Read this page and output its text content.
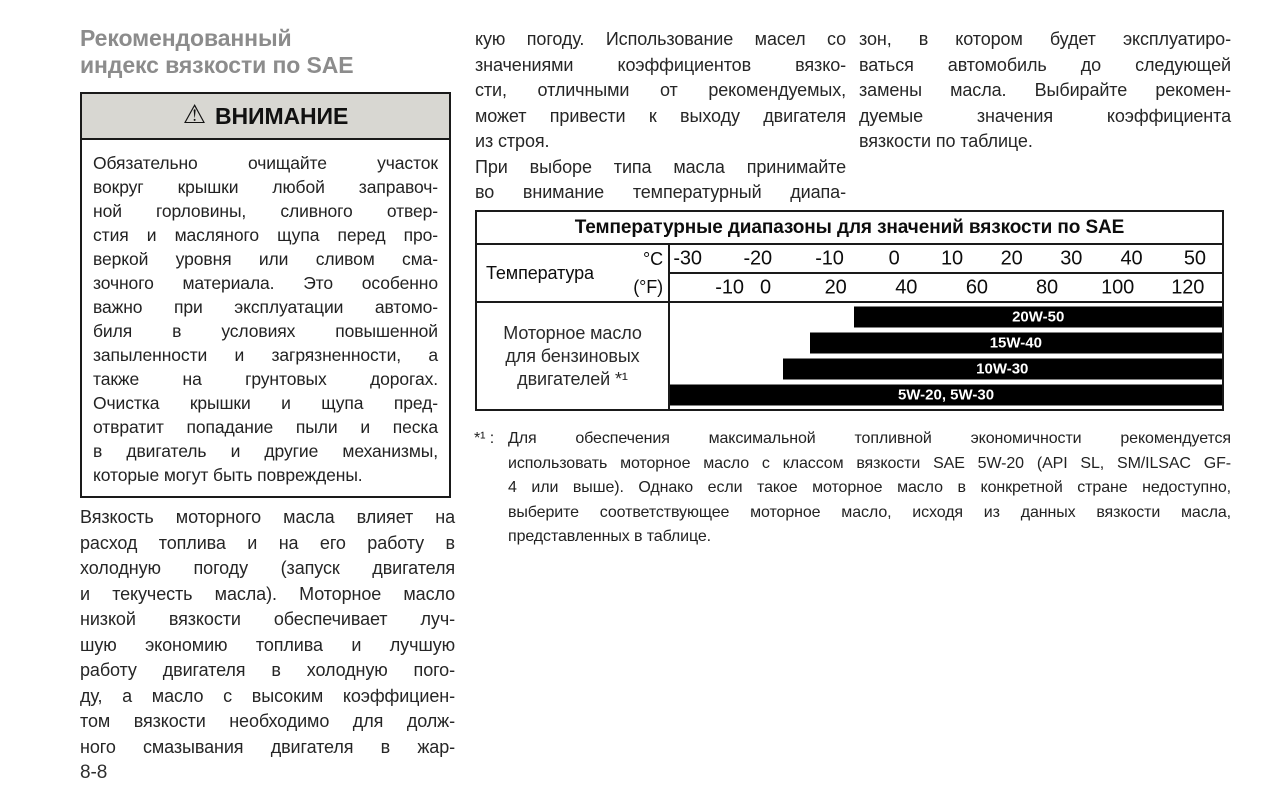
Рекомендованный
индекс вязкости по SAE
⚠ ВНИМАНИЕ
Обязательно очищайте участок
вокруг крышки любой заправоч-
ной горловины, сливного отвер-
стия и масляного щупа перед про-
веркой уровня или сливом сма-
зочного материала. Это особенно
важно при эксплуатации автомо-
биля в условиях повышенной
запыленности и загрязненности, а
также на грунтовых дорогах.
Очистка крышки и щупа пред-
отвратит попадание пыли и песка
в двигатель и другие механизмы,
которые могут быть повреждены.
Вязкость моторного масла влияет на
расход топлива и на его работу в
холодную погоду (запуск двигателя
и текучесть масла). Моторное масло
низкой вязкости обеспечивает луч-
шую экономию топлива и лучшую
работу двигателя в холодную пого-
ду, а масло с высоким коэффициен-
том вязкости необходимо для долж-
ного смазывания двигателя в жар-
кую погоду. Использование масел со
значениями коэффициентов вязко-
сти, отличными от рекомендуемых,
может привести к выходу двигателя
из строя.
При выборе типа масла принимайте
во внимание температурный диапа-
зон, в котором будет эксплуатиро-
ваться автомобиль до следующей
замены масла. Выбирайте рекомен-
дуемые значения коэффициента
вязкости по таблице.
Температурные диапазоны для значений вязкости по SAE
Температура
°C
(°F)
-30 -20 -10 0 10 20 30 40 50
-10 0	20 40 60 80 100 120
Моторное масло
для бензиновых
двигателей *¹
20W-50
15W-40
10W-30
5W-20, 5W-30
*¹ : Для обеспечения максимальной топливной экономичности рекомендуется
использовать моторное масло с классом вязкости SAE 5W-20 (API SL, SM/ILSAC GF-
4 или выше). Однако если такое моторное масло в конкретной стране недоступно,
выберите соответствующее моторное масло, исходя из данных вязкости масла,
представленных в таблице.
8-8
